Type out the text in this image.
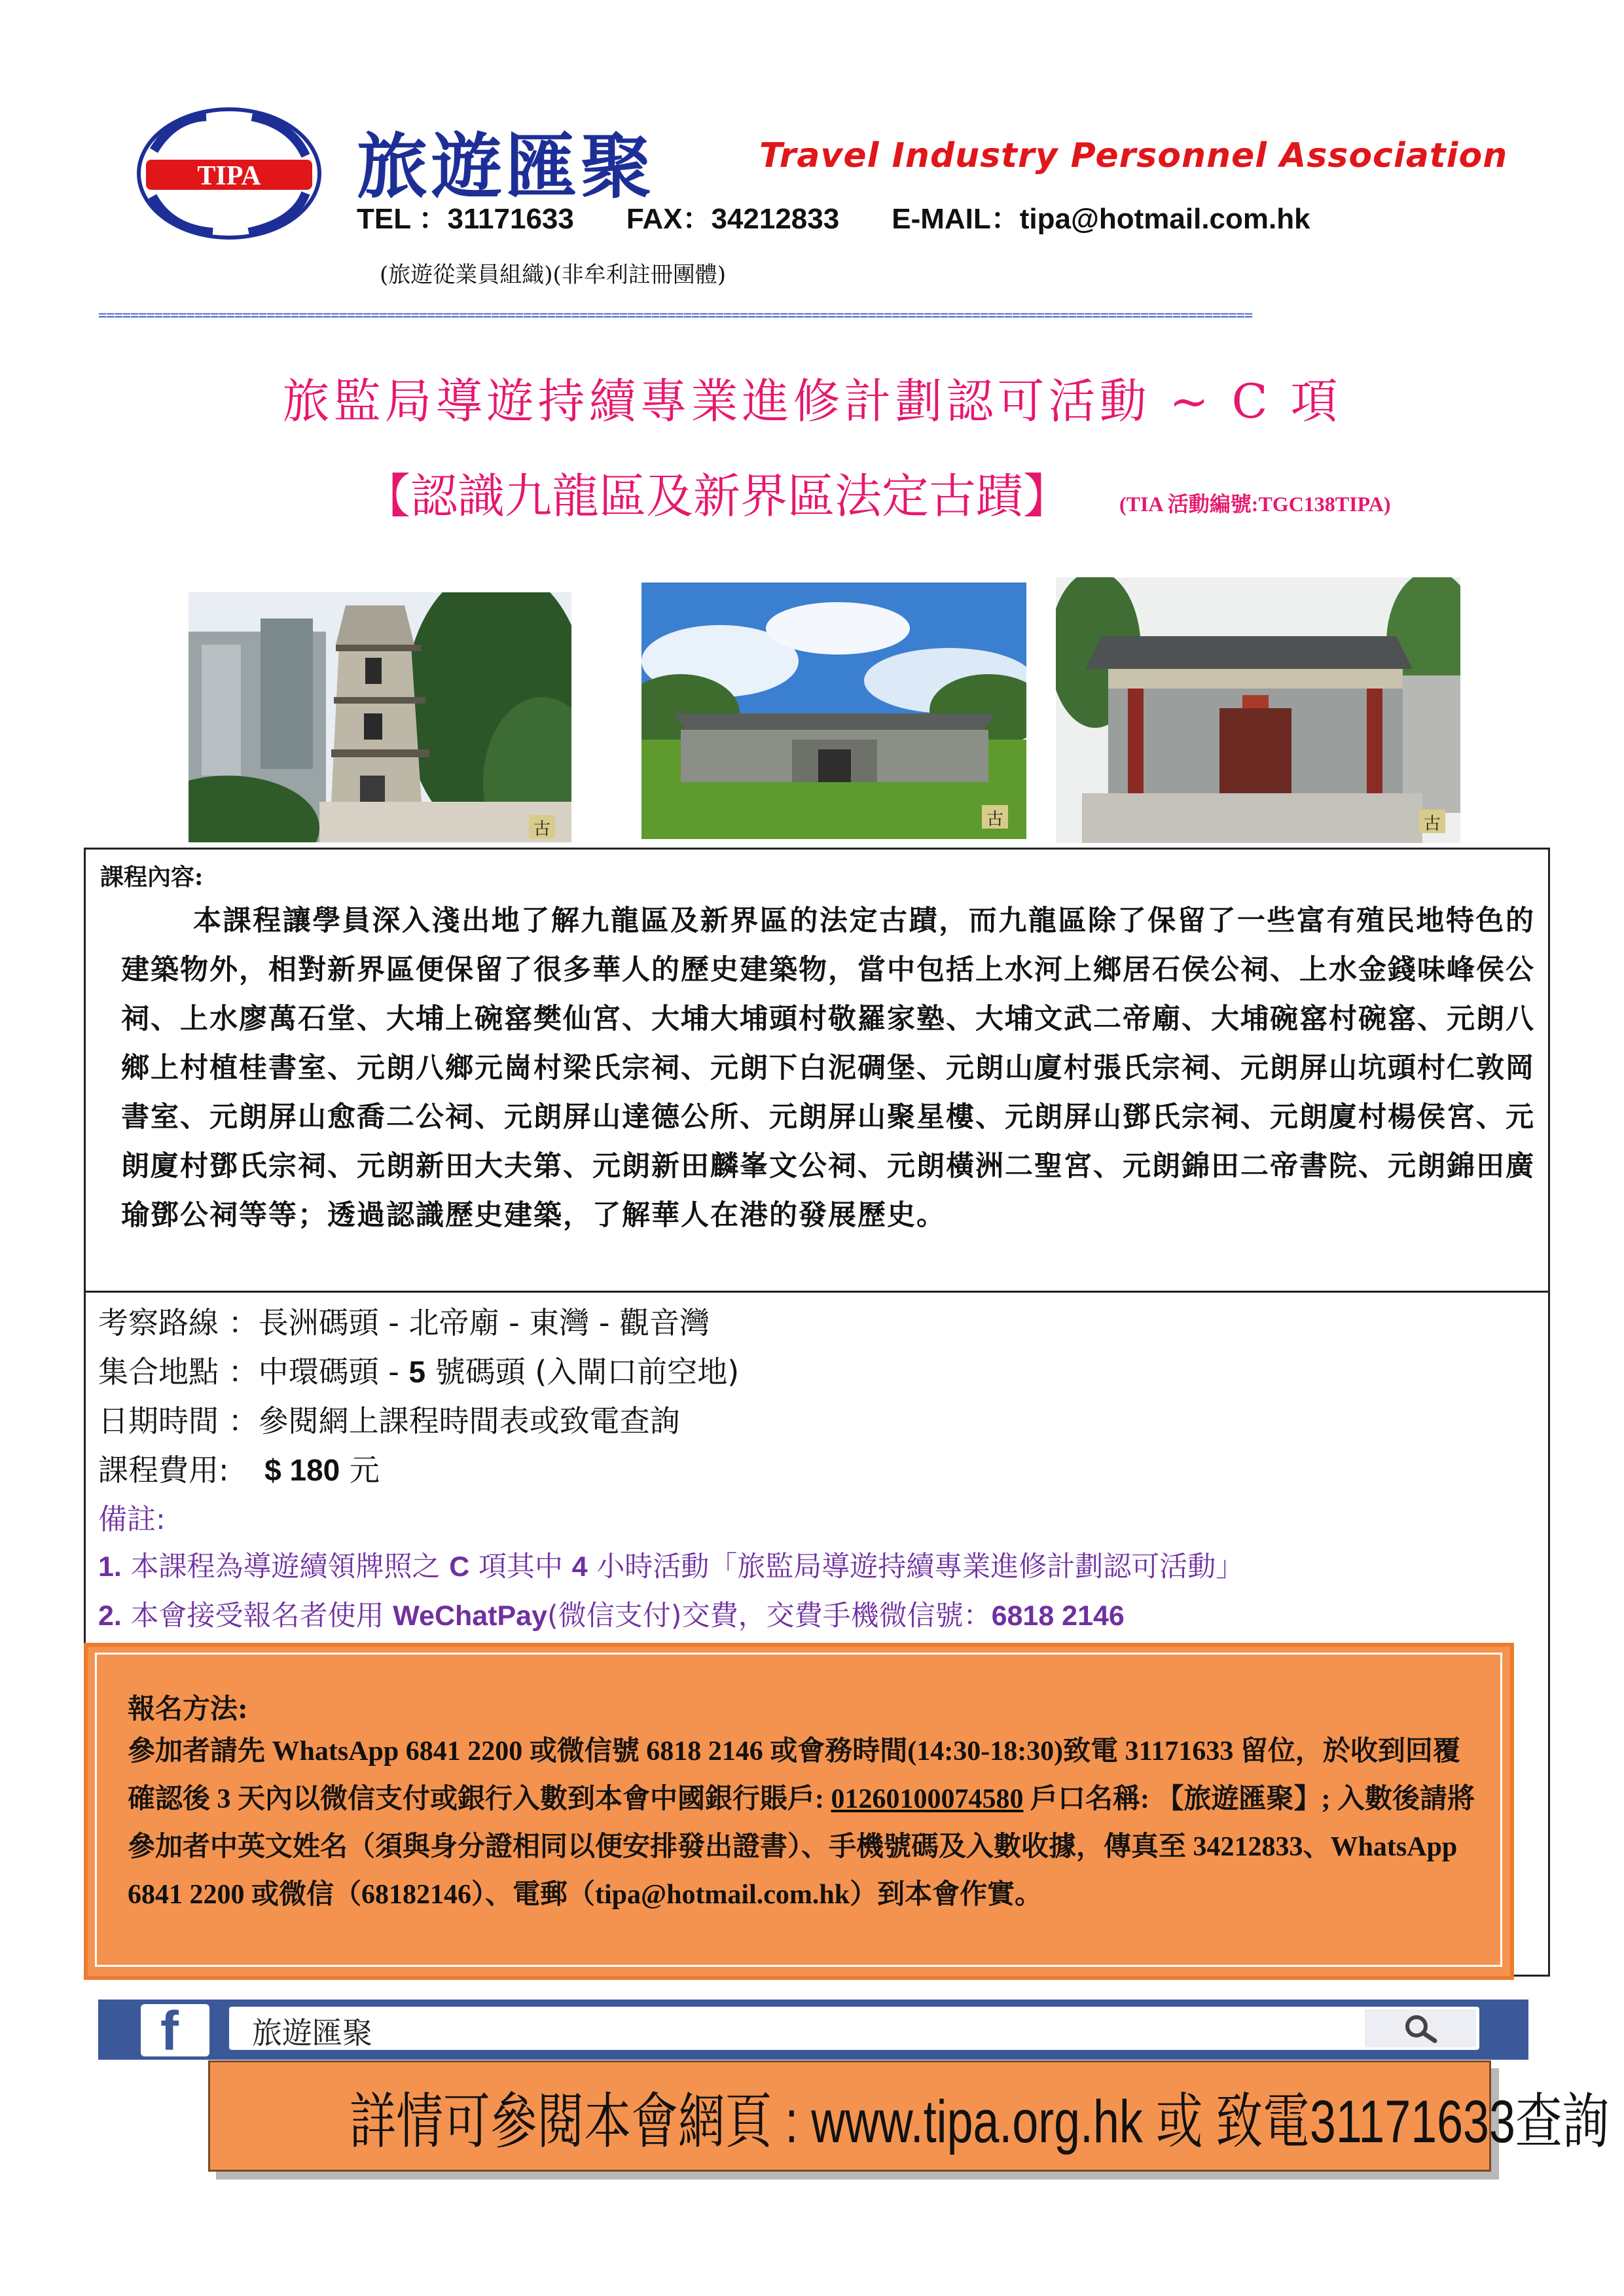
TIPA 旅遊匯聚	Travel Industry Personnel Association
TEL ：31171633 FAX：34212833 E-MAIL：tipa@hotmail.com.hk
(旅遊從業員組織)(非牟利註冊團體)
================================================================================================================================================
旅監局導遊持續專業進修計劃認可活動 ~ C 項
【認識九龍區及新界區法定古蹟】 (TIA 活動編號:TGC138TIPA)
古	古	古
課程內容:
本課程讓學員深入淺出地了解九龍區及新界區的法定古蹟，而九龍區除了保留了一些富有殖民地特色的建築物外，相對新界區便保留了很多華人的歷史建築物，當中包括上水河上鄉居石侯公祠、上水金錢味峰侯公祠、上水廖萬石堂、大埔上碗窰樊仙宮、大埔大埔頭村敬羅家塾、大埔文武二帝廟、大埔碗窰村碗窰、元朗八鄉上村植桂書室、元朗八鄉元崗村梁氏宗祠、元朗下白泥碉堡、元朗山廈村張氏宗祠、元朗屏山坑頭村仁敦岡書室、元朗屏山愈喬二公祠、元朗屏山達德公所、元朗屏山聚星樓、元朗屏山鄧氏宗祠、元朗廈村楊侯宮、元朗廈村鄧氏宗祠、元朗新田大夫第、元朗新田麟峯文公祠、元朗橫洲二聖宮、元朗錦田二帝書院、元朗錦田廣瑜鄧公祠等等；透過認識歷史建築，了解華人在港的發展歷史。
考察路線 ：長洲碼頭 - 北帝廟 - 東灣 - 觀音灣
集合地點 ：中環碼頭 - 5 號碼頭 (入閘口前空地)
日期時間 ：參閱網上課程時間表或致電查詢
課程費用: $ 180 元
備註:
1. 本課程為導遊續領牌照之 C 項其中 4 小時活動「旅監局導遊持續專業進修計劃認可活動」
2. 本會接受報名者使用 WeChatPay(微信支付)交費，交費手機微信號：6818 2146
報名方法:
參加者請先 WhatsApp 6841 2200 或微信號 6818 2146 或會務時間(14:30-18:30)致電 31171633 留位，於收到回覆確認後 3 天內以微信支付或銀行入數到本會中國銀行賬戶: 01260100074580 戶口名稱: 【旅遊匯聚】; 入數後請將參加者中英文姓名（須與身分證相同以便安排發出證書）、手機號碼及入數收據，傳真至 34212833、WhatsApp 6841 2200 或微信（68182146）、電郵（tipa@hotmail.com.hk）到本會作實。
f 旅遊匯聚
詳情可參閱本會網頁 : www.tipa.org.hk 或 致電31171633查詢
